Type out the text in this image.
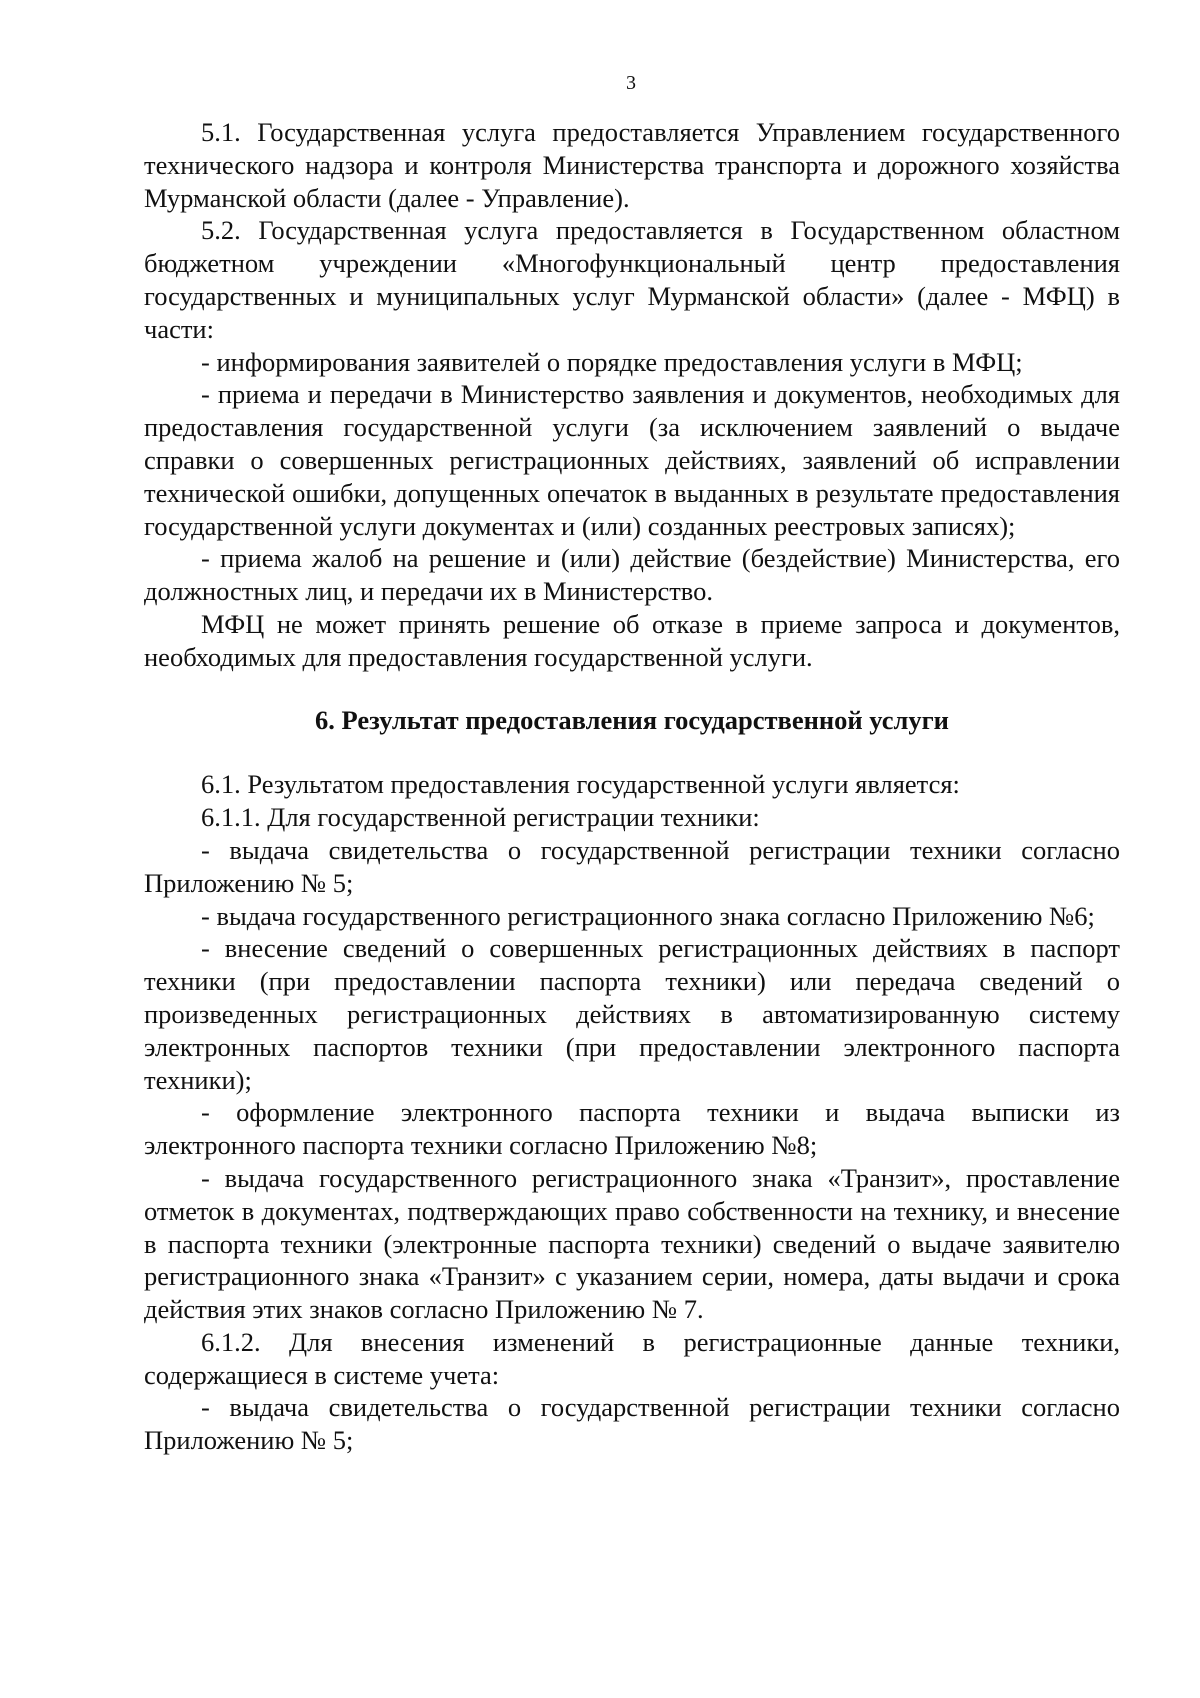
3

5.1. Государственная услуга предоставляется Управлением государственного технического надзора и контроля Министерства транспорта и дорожного хозяйства Мурманской области (далее - Управление).

5.2. Государственная услуга предоставляется в Государственном областном бюджетном учреждении «Многофункциональный центр предоставления государственных и муниципальных услуг Мурманской области» (далее - МФЦ) в части:

- информирования заявителей о порядке предоставления услуги в МФЦ;

- приема и передачи в Министерство заявления и документов, необходимых для предоставления государственной услуги (за исключением заявлений о выдаче справки о совершенных регистрационных действиях, заявлений об исправлении технической ошибки, допущенных опечаток в выданных в результате предоставления государственной услуги документах и (или) созданных реестровых записях);

- приема жалоб на решение и (или) действие (бездействие) Министерства, его должностных лиц, и передачи их в Министерство.

МФЦ не может принять решение об отказе в приеме запроса и документов, необходимых для предоставления государственной услуги.

6. Результат предоставления государственной услуги

6.1. Результатом предоставления государственной услуги является:

6.1.1. Для государственной регистрации техники:

- выдача свидетельства о государственной регистрации техники согласно Приложению № 5;

- выдача государственного регистрационного знака согласно Приложению №6;

- внесение сведений о совершенных регистрационных действиях в паспорт техники (при предоставлении паспорта техники) или передача сведений о произведенных регистрационных действиях в автоматизированную систему электронных паспортов техники (при предоставлении электронного паспорта техники);

- оформление электронного паспорта техники и выдача выписки из электронного паспорта техники согласно Приложению №8;

- выдача государственного регистрационного знака «Транзит», проставление отметок в документах, подтверждающих право собственности на технику, и внесение в паспорта техники (электронные паспорта техники) сведений о выдаче заявителю регистрационного знака «Транзит» с указанием серии, номера, даты выдачи и срока действия этих знаков согласно Приложению № 7.

6.1.2. Для внесения изменений в регистрационные данные техники, содержащиеся в системе учета:

- выдача свидетельства о государственной регистрации техники согласно Приложению № 5;
